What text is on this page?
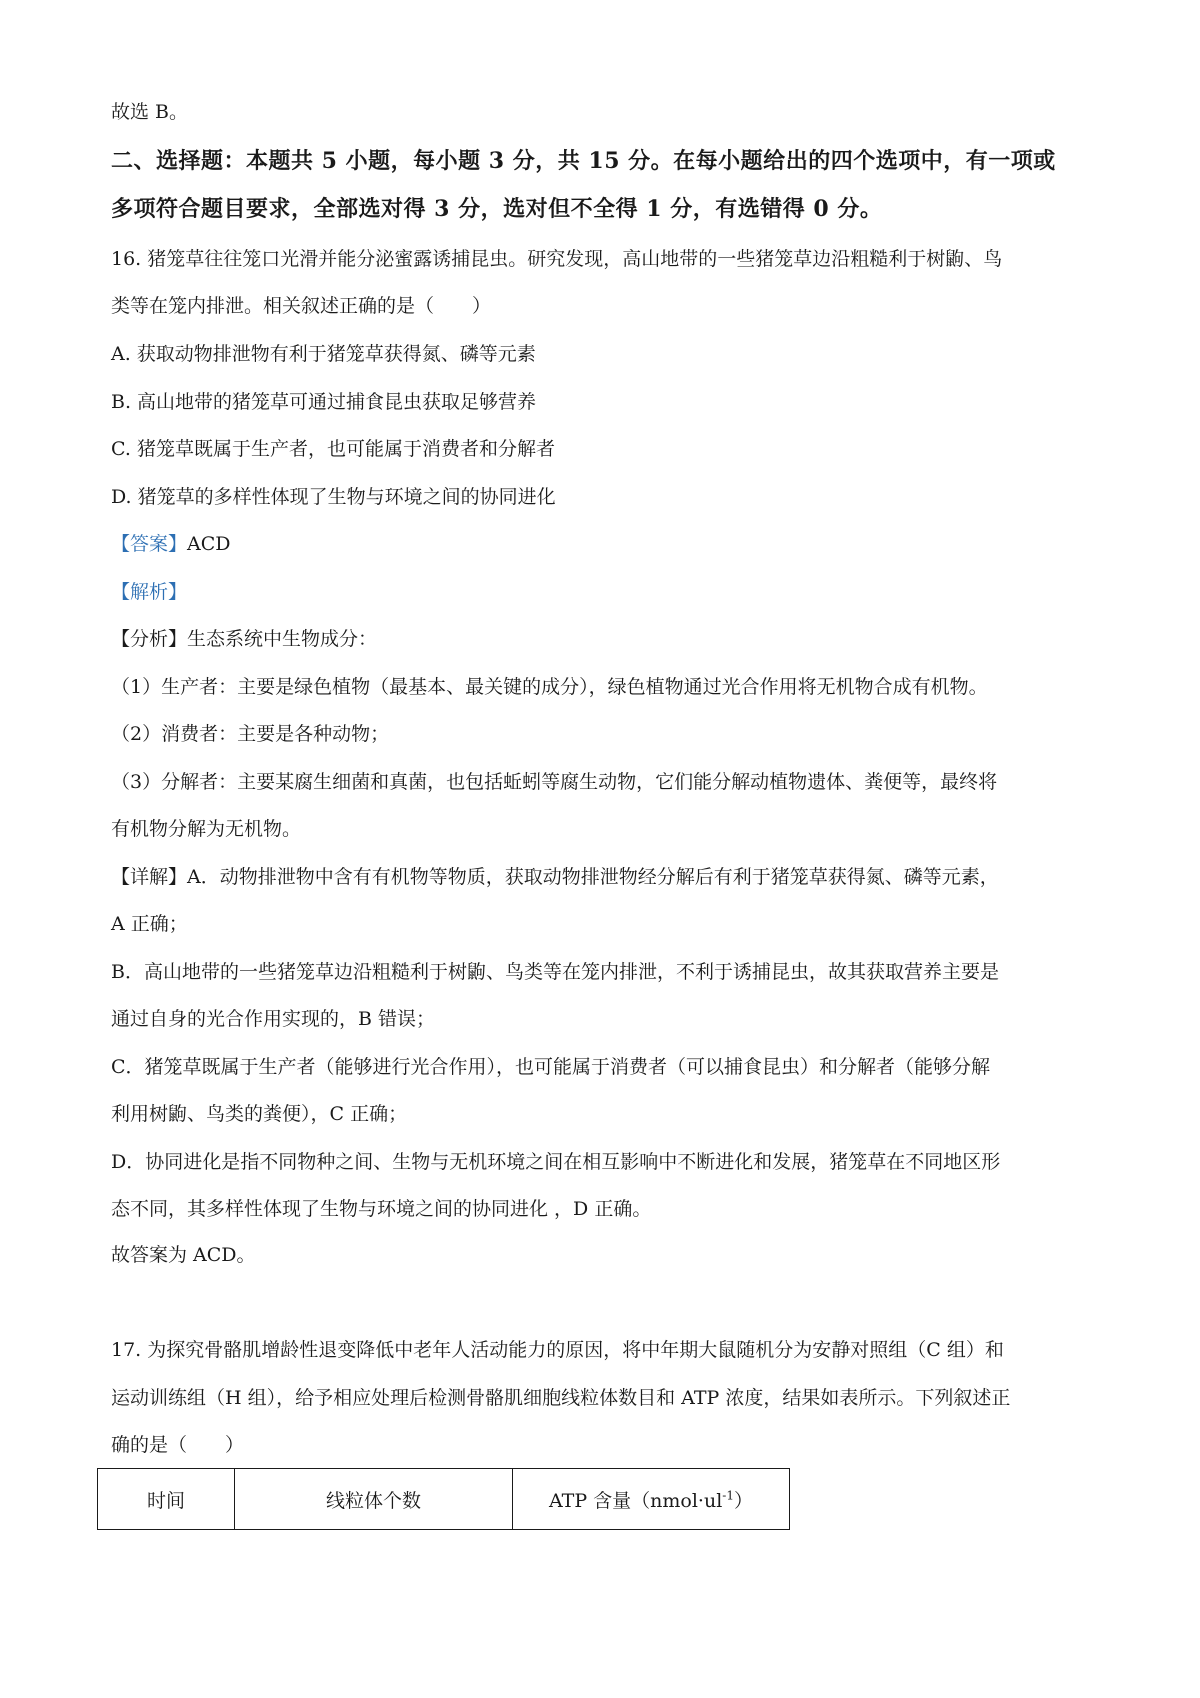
故选 B。
二、选择题：本题共 5 小题，每小题 3 分，共 15 分。在每小题给出的四个选项中，有一项或
多项符合题目要求，全部选对得 3 分，选对但不全得 1 分，有选错得 0 分。
16. 猪笼草往往笼口光滑并能分泌蜜露诱捕昆虫。研究发现，高山地带的一些猪笼草边沿粗糙利于树鼩、鸟
类等在笼内排泄。相关叙述正确的是（　　）
A. 获取动物排泄物有利于猪笼草获得氮、磷等元素
B. 高山地带的猪笼草可通过捕食昆虫获取足够营养
C. 猪笼草既属于生产者，也可能属于消费者和分解者
D. 猪笼草的多样性体现了生物与环境之间的协同进化
【答案】ACD
【解析】
【分析】生态系统中生物成分：
（1）生产者：主要是绿色植物（最基本、最关键的成分），绿色植物通过光合作用将无机物合成有机物。
（2）消费者：主要是各种动物；
（3）分解者：主要某腐生细菌和真菌，也包括蚯蚓等腐生动物，它们能分解动植物遗体、粪便等，最终将
有机物分解为无机物。
【详解】A．动物排泄物中含有有机物等物质，获取动物排泄物经分解后有利于猪笼草获得氮、磷等元素，
A 正确；
B．高山地带的一些猪笼草边沿粗糙利于树鼩、鸟类等在笼内排泄，不利于诱捕昆虫，故其获取营养主要是
通过自身的光合作用实现的，B 错误；
C．猪笼草既属于生产者（能够进行光合作用），也可能属于消费者（可以捕食昆虫）和分解者（能够分解
利用树鼩、鸟类的粪便），C 正确；
D．协同进化是指不同物种之间、生物与无机环境之间在相互影响中不断进化和发展，猪笼草在不同地区形
态不同，其多样性体现了生物与环境之间的协同进化 ，D 正确。
故答案为 ACD。
17. 为探究骨骼肌增龄性退变降低中老年人活动能力的原因，将中年期大鼠随机分为安静对照组（C 组）和
运动训练组（H 组），给予相应处理后检测骨骼肌细胞线粒体数目和 ATP 浓度，结果如表所示。下列叙述正
确的是（　　）
时间	线粒体个数	ATP 含量$(nmol\cdot ul^{-1})$
